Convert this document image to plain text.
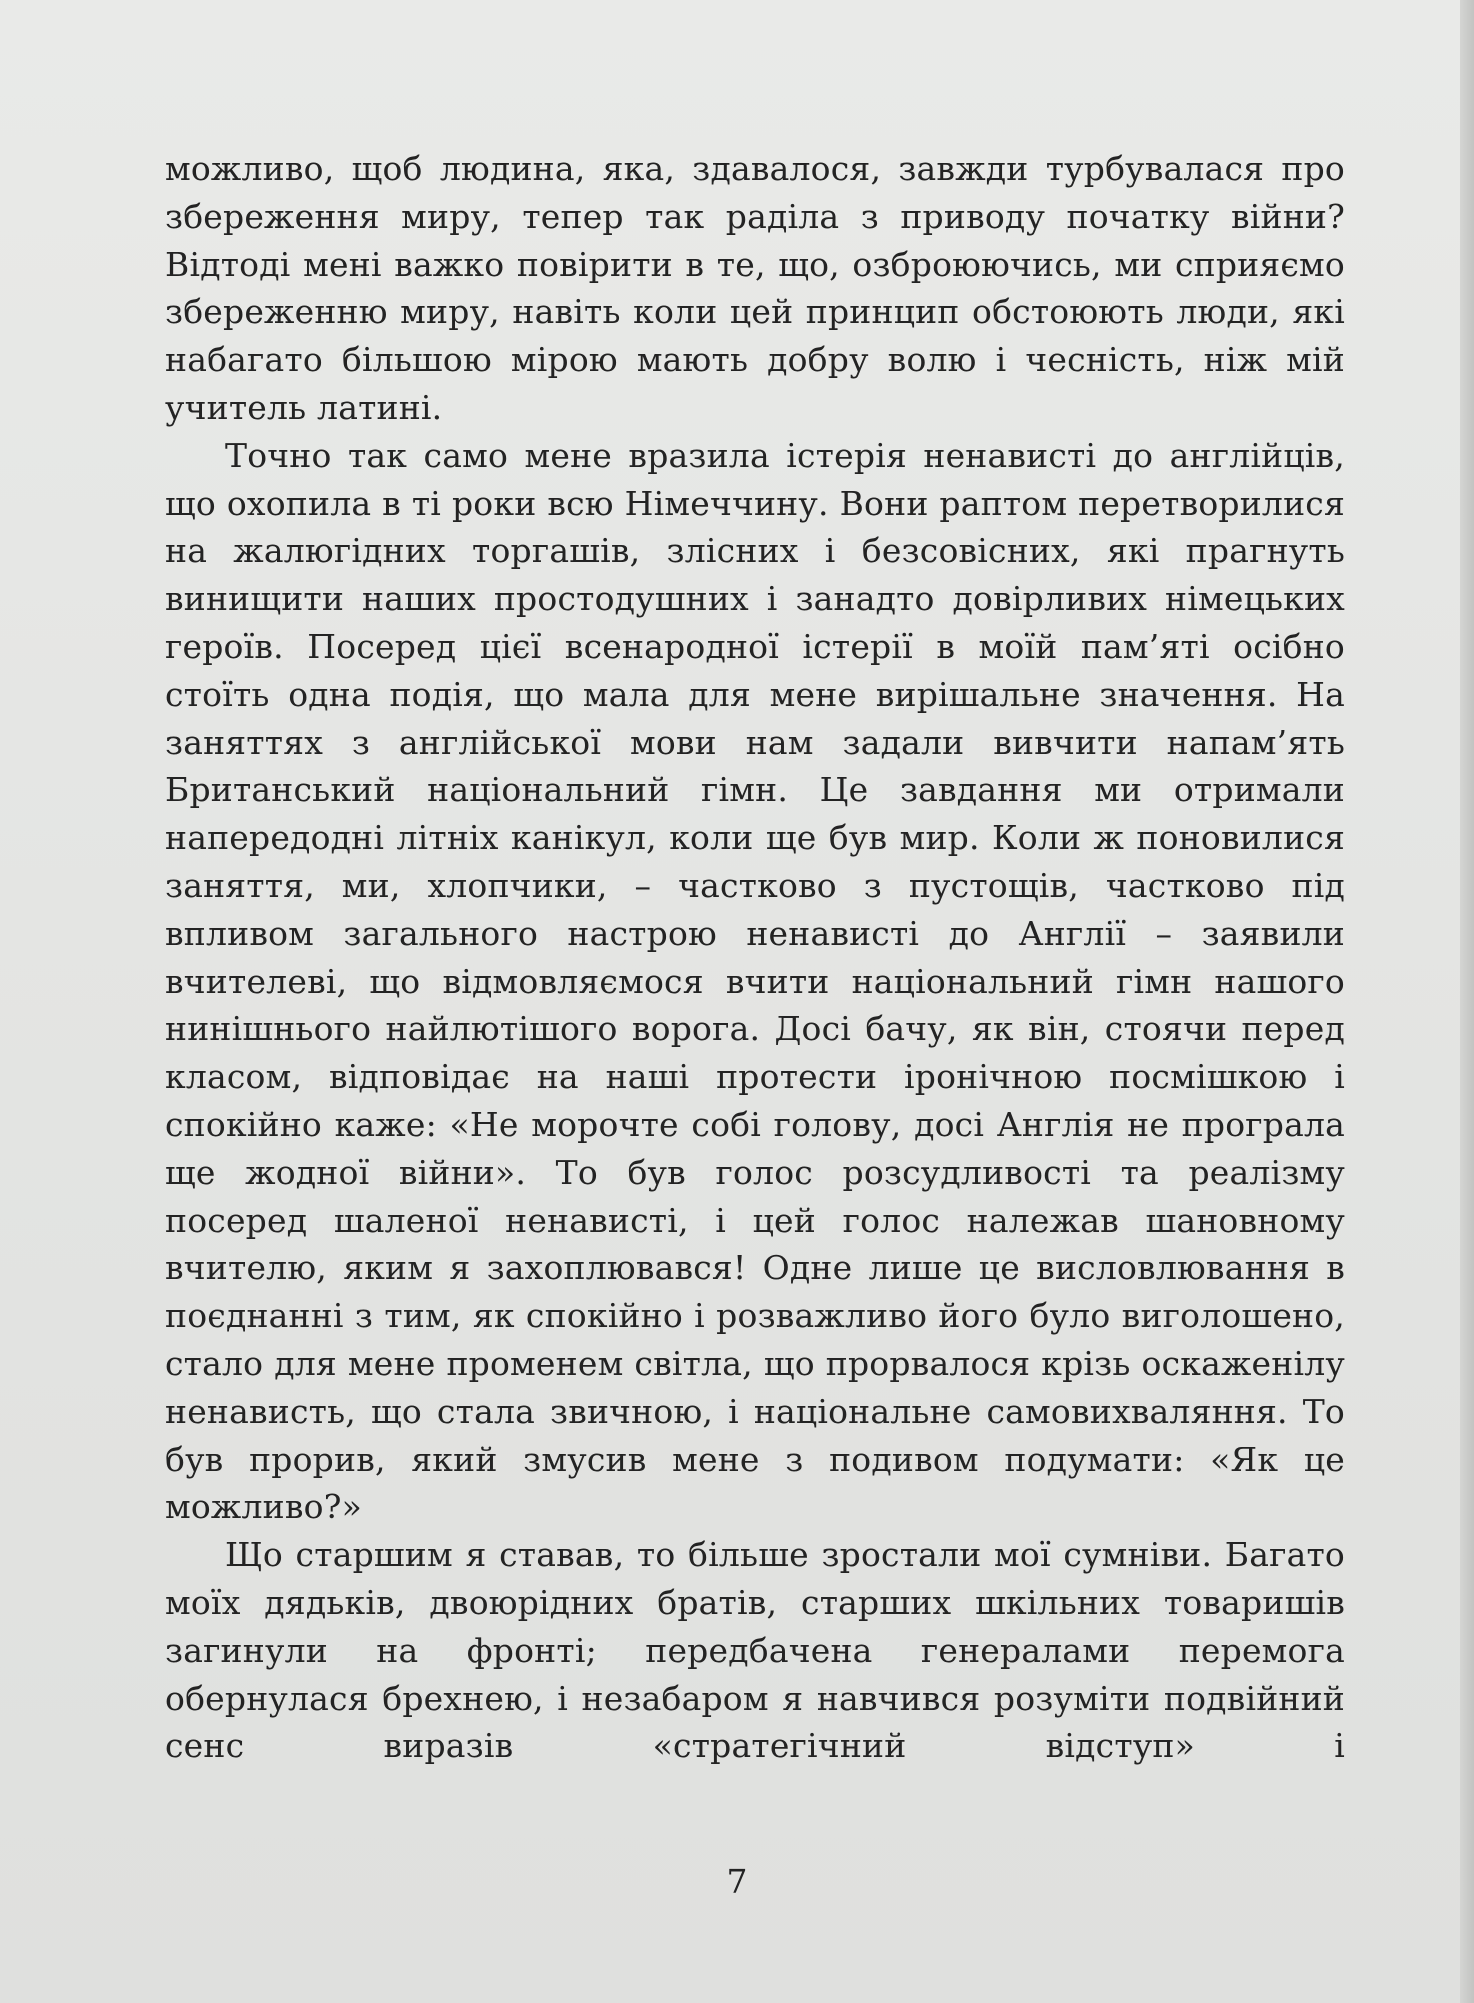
можливо, щоб людина, яка, здавалося, завжди турбувалася про збереження миру, тепер так раділа з приводу початку війни? Відтоді мені важко повірити в те, що, озброюючись, ми сприяємо збереженню миру, навіть коли цей принцип обстоюють люди, які набагато більшою мірою мають добру волю і чесність, ніж мій учитель латині.

Точно так само мене вразила істерія ненависті до англійців, що охопила в ті роки всю Німеччину. Вони раптом перетворилися на жалюгідних торгашів, злісних і безсовісних, які прагнуть винищити наших простодушних і занадто довірливих німецьких героїв. Посеред цієї всенародної істерії в моїй пам’яті осібно стоїть одна подія, що мала для мене вирішальне значення. На заняттях з англійської мови нам задали вивчити напам’ять Британський національний гімн. Це завдання ми отримали напередодні літніх канікул, коли ще був мир. Коли ж поновилися заняття, ми, хлопчики, – частково з пустощів, частково під впливом загального настрою ненависті до Англії – заявили вчителеві, що відмовляємося вчити національний гімн нашого нинішнього найлютішого ворога. Досі бачу, як він, стоячи перед класом, відповідає на наші протести іронічною посмішкою і спокійно каже: «Не морочте собі голову, досі Англія не програла ще жодної війни». То був голос розсудливості та реалізму посеред шаленої ненависті, і цей голос належав шановному вчителю, яким я захоплювався! Одне лише це висловлювання в поєднанні з тим, як спокійно і розважливо його було виголошено, стало для мене променем світла, що прорвалося крізь оскаженілу ненависть, що стала звичною, і національне самовихваляння. То був прорив, який змусив мене з подивом подумати: «Як це можливо?»

Що старшим я ставав, то більше зростали мої сумніви. Багато моїх дядьків, двоюрідних братів, старших шкільних товаришів загинули на фронті; передбачена генералами перемога обернулася брехнею, і незабаром я навчився розуміти подвійний сенс виразів «стратегічний відступ» і

7
